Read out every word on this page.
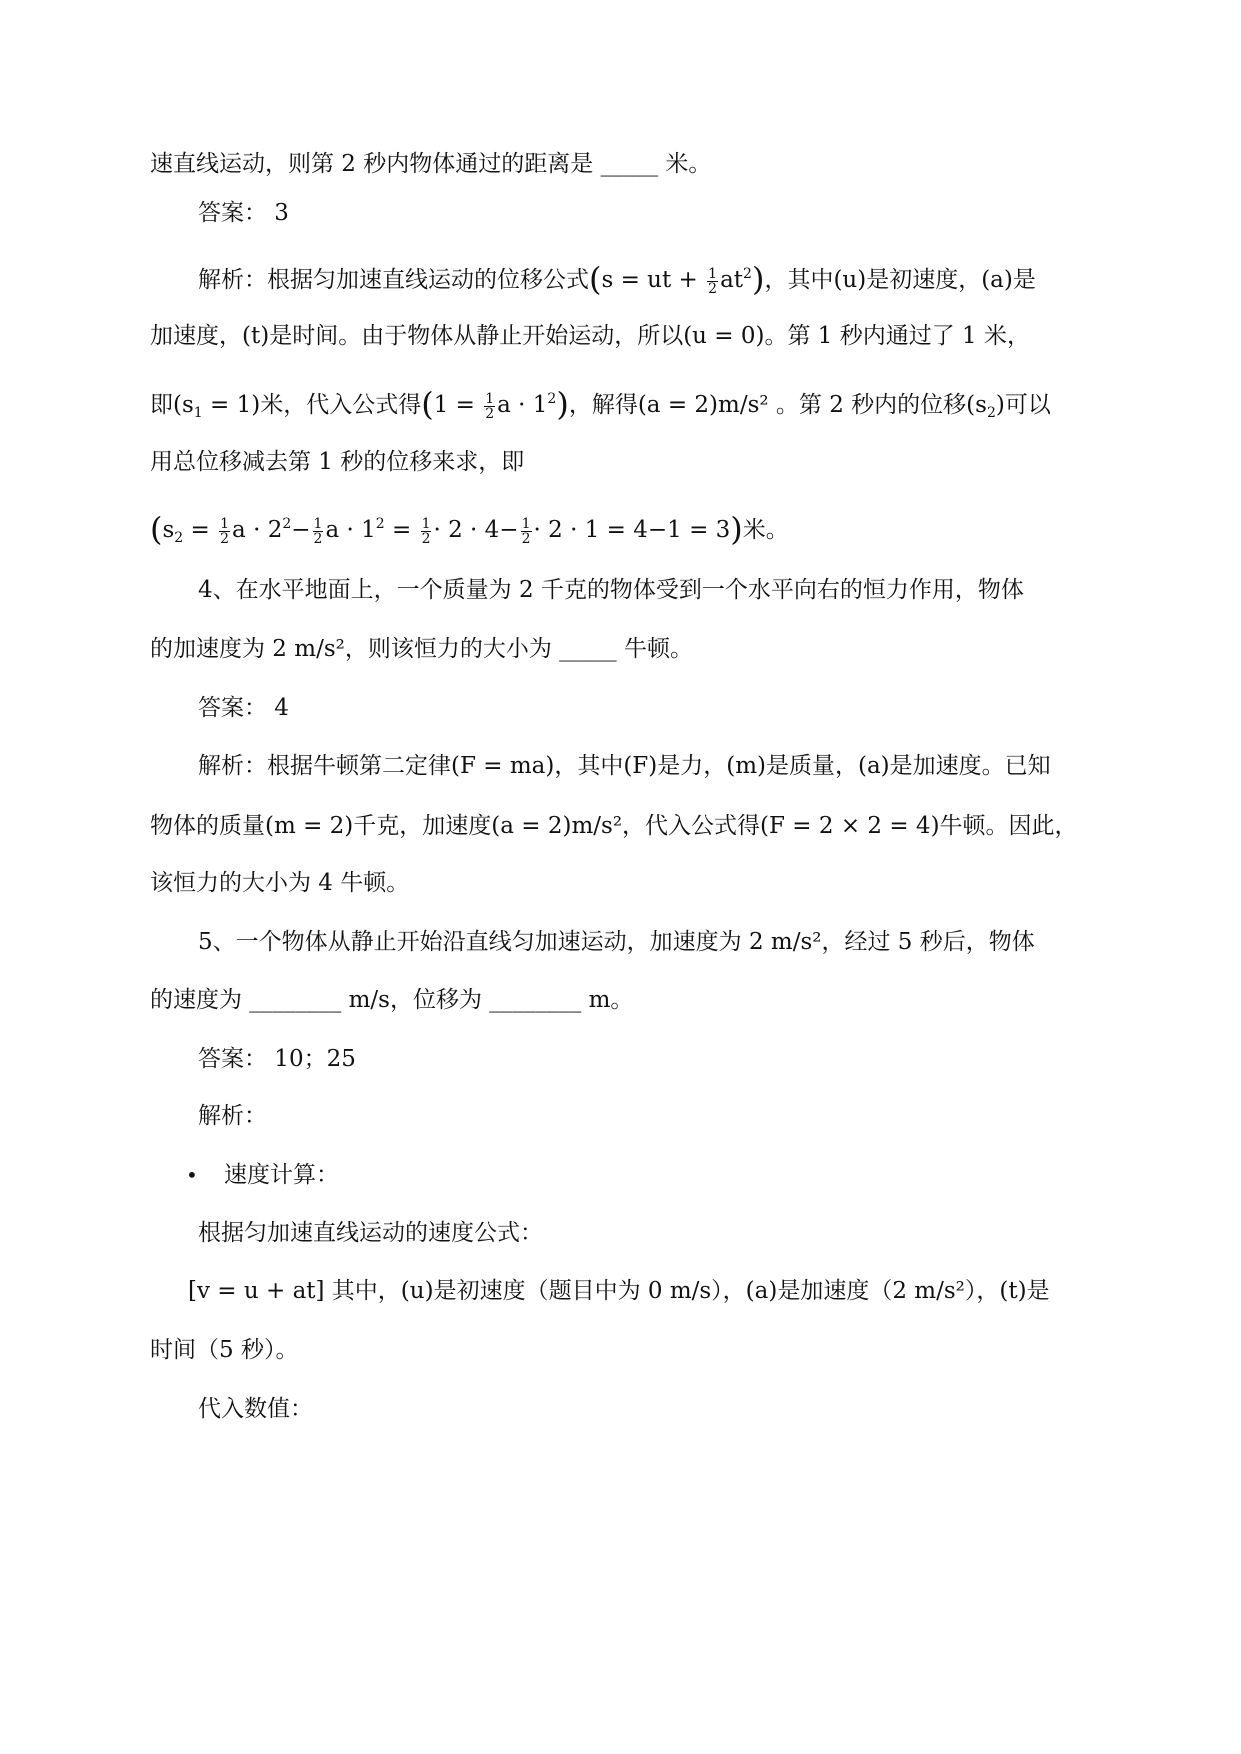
速直线运动，则第 2 秒内物体通过的距离是 _____ 米。
答案： 3
解析：根据匀加速直线运动的位移公式(s = ut + $\frac{1}{2} at^2$)，其中(u)是初速度，(a)是
加速度，(t)是时间。由于物体从静止开始运动，所以(u = 0)。第 1 秒内通过了 1 米，
即$(s_1 = 1)$米，代入公式得($1 = \frac{1}{2}$ $a \cdot 1^2$)，解得(a = 2)m/s² 。第 2 秒内的位移$(s_2)$可以
用总位移减去第 1 秒的位移来求，即
($s_2 = \frac{1}{2}$ $a \cdot 2^2- \frac{1}{2}$ $a \cdot 1^2 = \frac{1}{2} \cdot 2 \cdot 4- \frac{1}{2} \cdot 2 \cdot 1 = 4-1 = 3$)米。
4、在水平地面上，一个质量为 2 千克的物体受到一个水平向右的恒力作用，物体
的加速度为 2 m/s²，则该恒力的大小为 _____ 牛顿。
答案： 4
解析：根据牛顿第二定律(F = ma)，其中(F)是力，(m)是质量，(a)是加速度。已知
物体的质量(m = 2)千克，加速度(a = 2)m/s²，代入公式得(F = 2 × 2 = 4)牛顿。因此，
该恒力的大小为 4 牛顿。
5、一个物体从静止开始沿直线匀加速运动，加速度为 2 m/s²，经过 5 秒后，物体
的速度为 ________ m/s，位移为 ________ m。
答案： 10；25
解析：
• 速度计算：
根据匀加速直线运动的速度公式：
[v = u + at] 其中，(u)是初速度（题目中为 0 m/s），(a)是加速度（2 m/s²），(t)是
时间（5 秒）。
代入数值：
